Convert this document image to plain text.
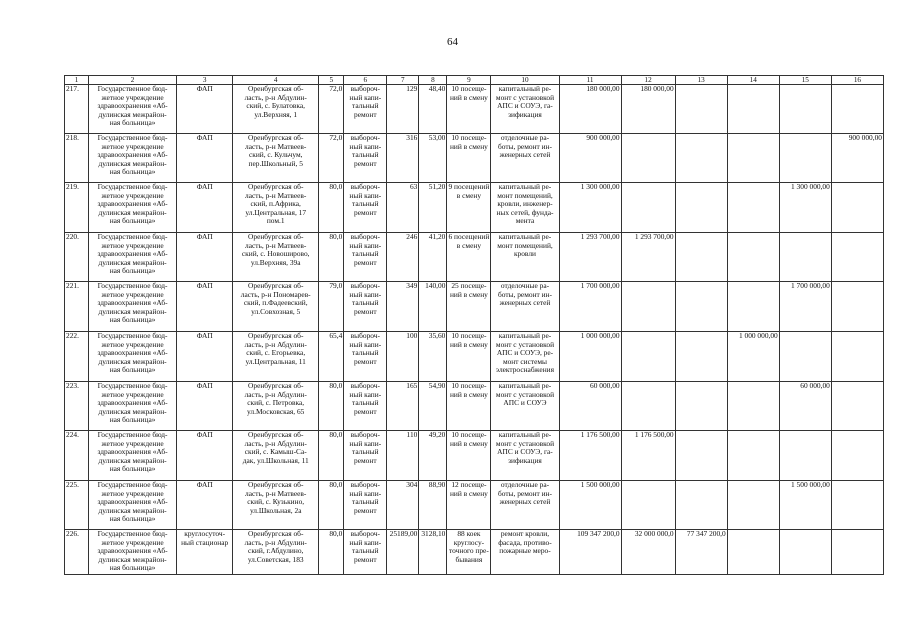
64
1	2	3	4	5	6	7	8	9	10	11	12	13	14	15	16
217.	Государственное бюд-
жетное учреждение
здравоохранения «Аб-
дулинская межрайон-
ная больница»	ФАП	Оренбургская об-
ласть, р-н Абдулин-
ский, с. Булатовка,
ул.Верхняя, 1	72,0	выбороч-
ный капи-
тальный
ремонт	129	48,40	10 посеще-
ний в смену	капитальный ре-
монт с установкой
АПС и СОУЭ, га-
зификация	180 000,00	180 000,00				
218.	Государственное бюд-
жетное учреждение
здравоохранения «Аб-
дулинская межрайон-
ная больница»	ФАП	Оренбургская об-
ласть, р-н Матвеев-
ский, с. Кульчум,
пер.Школьный, 5	72,0	выбороч-
ный капи-
тальный
ремонт	316	53,00	10 посеще-
ний в смену	отделочные ра-
боты, ремонт ин-
женерных сетей	900 000,00					900 000,00
219.	Государственное бюд-
жетное учреждение
здравоохранения «Аб-
дулинская межрайон-
ная больница»	ФАП	Оренбургская об-
ласть, р-н Матвеев-
ский, п.Африка,
ул.Центральная, 17
пом.1	80,0	выбороч-
ный капи-
тальный
ремонт	63	51,20	9 посещений
в смену	капитальный ре-
монт помещений,
кровли, инженер-
ных сетей, фунда-
мента	1 300 000,00				1 300 000,00	
220.	Государственное бюд-
жетное учреждение
здравоохранения «Аб-
дулинская межрайон-
ная больница»	ФАП	Оренбургская об-
ласть, р-н Матвеев-
ский, с. Новоширово,
ул.Верхняя, 39а	80,0	выбороч-
ный капи-
тальный
ремонт	246	41,20	6 посещений
в смену	капитальный ре-
монт помещений,
кровли	1 293 700,00	1 293 700,00				
221.	Государственное бюд-
жетное учреждение
здравоохранения «Аб-
дулинская межрайон-
ная больница»	ФАП	Оренбургская об-
ласть, р-н Пономарев-
ский, п.Фадеевский,
ул.Совхозная, 5	79,0	выбороч-
ный капи-
тальный
ремонт	349	140,00	25 посеще-
ний в смену	отделочные ра-
боты, ремонт ин-
женерных сетей	1 700 000,00				1 700 000,00	
222.	Государственное бюд-
жетное учреждение
здравоохранения «Аб-
дулинская межрайон-
ная больница»	ФАП	Оренбургская об-
ласть, р-н Абдулин-
ский, с. Егорьевка,
ул.Центральная, 11	65,4	выбороч-
ный капи-
тальный
ремонт	100	35,60	10 посеще-
ний в смену	капитальный ре-
монт с установкой
АПС и СОУЭ, ре-
монт системы
электроснабжения	1 000 000,00			1 000 000,00		
223.	Государственное бюд-
жетное учреждение
здравоохранения «Аб-
дулинская межрайон-
ная больница»	ФАП	Оренбургская об-
ласть, р-н Абдулин-
ский, с. Петровка,
ул.Московская, 65	80,0	выбороч-
ный капи-
тальный
ремонт	165	54,90	10 посеще-
ний в смену	капитальный ре-
монт с установкой
АПС и СОУЭ	60 000,00				60 000,00	
224.	Государственное бюд-
жетное учреждение
здравоохранения «Аб-
дулинская межрайон-
ная больница»	ФАП	Оренбургская об-
ласть, р-н Абдулин-
ский, с. Камыш-Са-
дак, ул.Школьная, 11	80,0	выбороч-
ный капи-
тальный
ремонт	110	49,20	10 посеще-
ний в смену	капитальный ре-
монт с установкой
АПС и СОУЭ, га-
зификация	1 176 500,00	1 176 500,00				
225.	Государственное бюд-
жетное учреждение
здравоохранения «Аб-
дулинская межрайон-
ная больница»	ФАП	Оренбургская об-
ласть, р-н Матвеев-
ский, с. Кузькино,
ул.Школьная, 2а	80,0	выбороч-
ный капи-
тальный
ремонт	304	88,90	12 посеще-
ний в смену	отделочные ра-
боты, ремонт ин-
женерных сетей	1 500 000,00				1 500 000,00	
226.	Государственное бюд-
жетное учреждение
здравоохранения «Аб-
дулинская межрайон-
ная больница»	круглосуточ-
ный стационар	Оренбургская об-
ласть, р-н Абдулин-
ский, г.Абдулино,
ул.Советская, 183	80,0	выбороч-
ный капи-
тальный
ремонт	25189,00	3128,10	88 коек
круглосу-
точного пре-
бывания	ремонт кровли,
фасада, противо-
пожарные меро-	109 347 200,0	32 000 000,0	77 347 200,0			
